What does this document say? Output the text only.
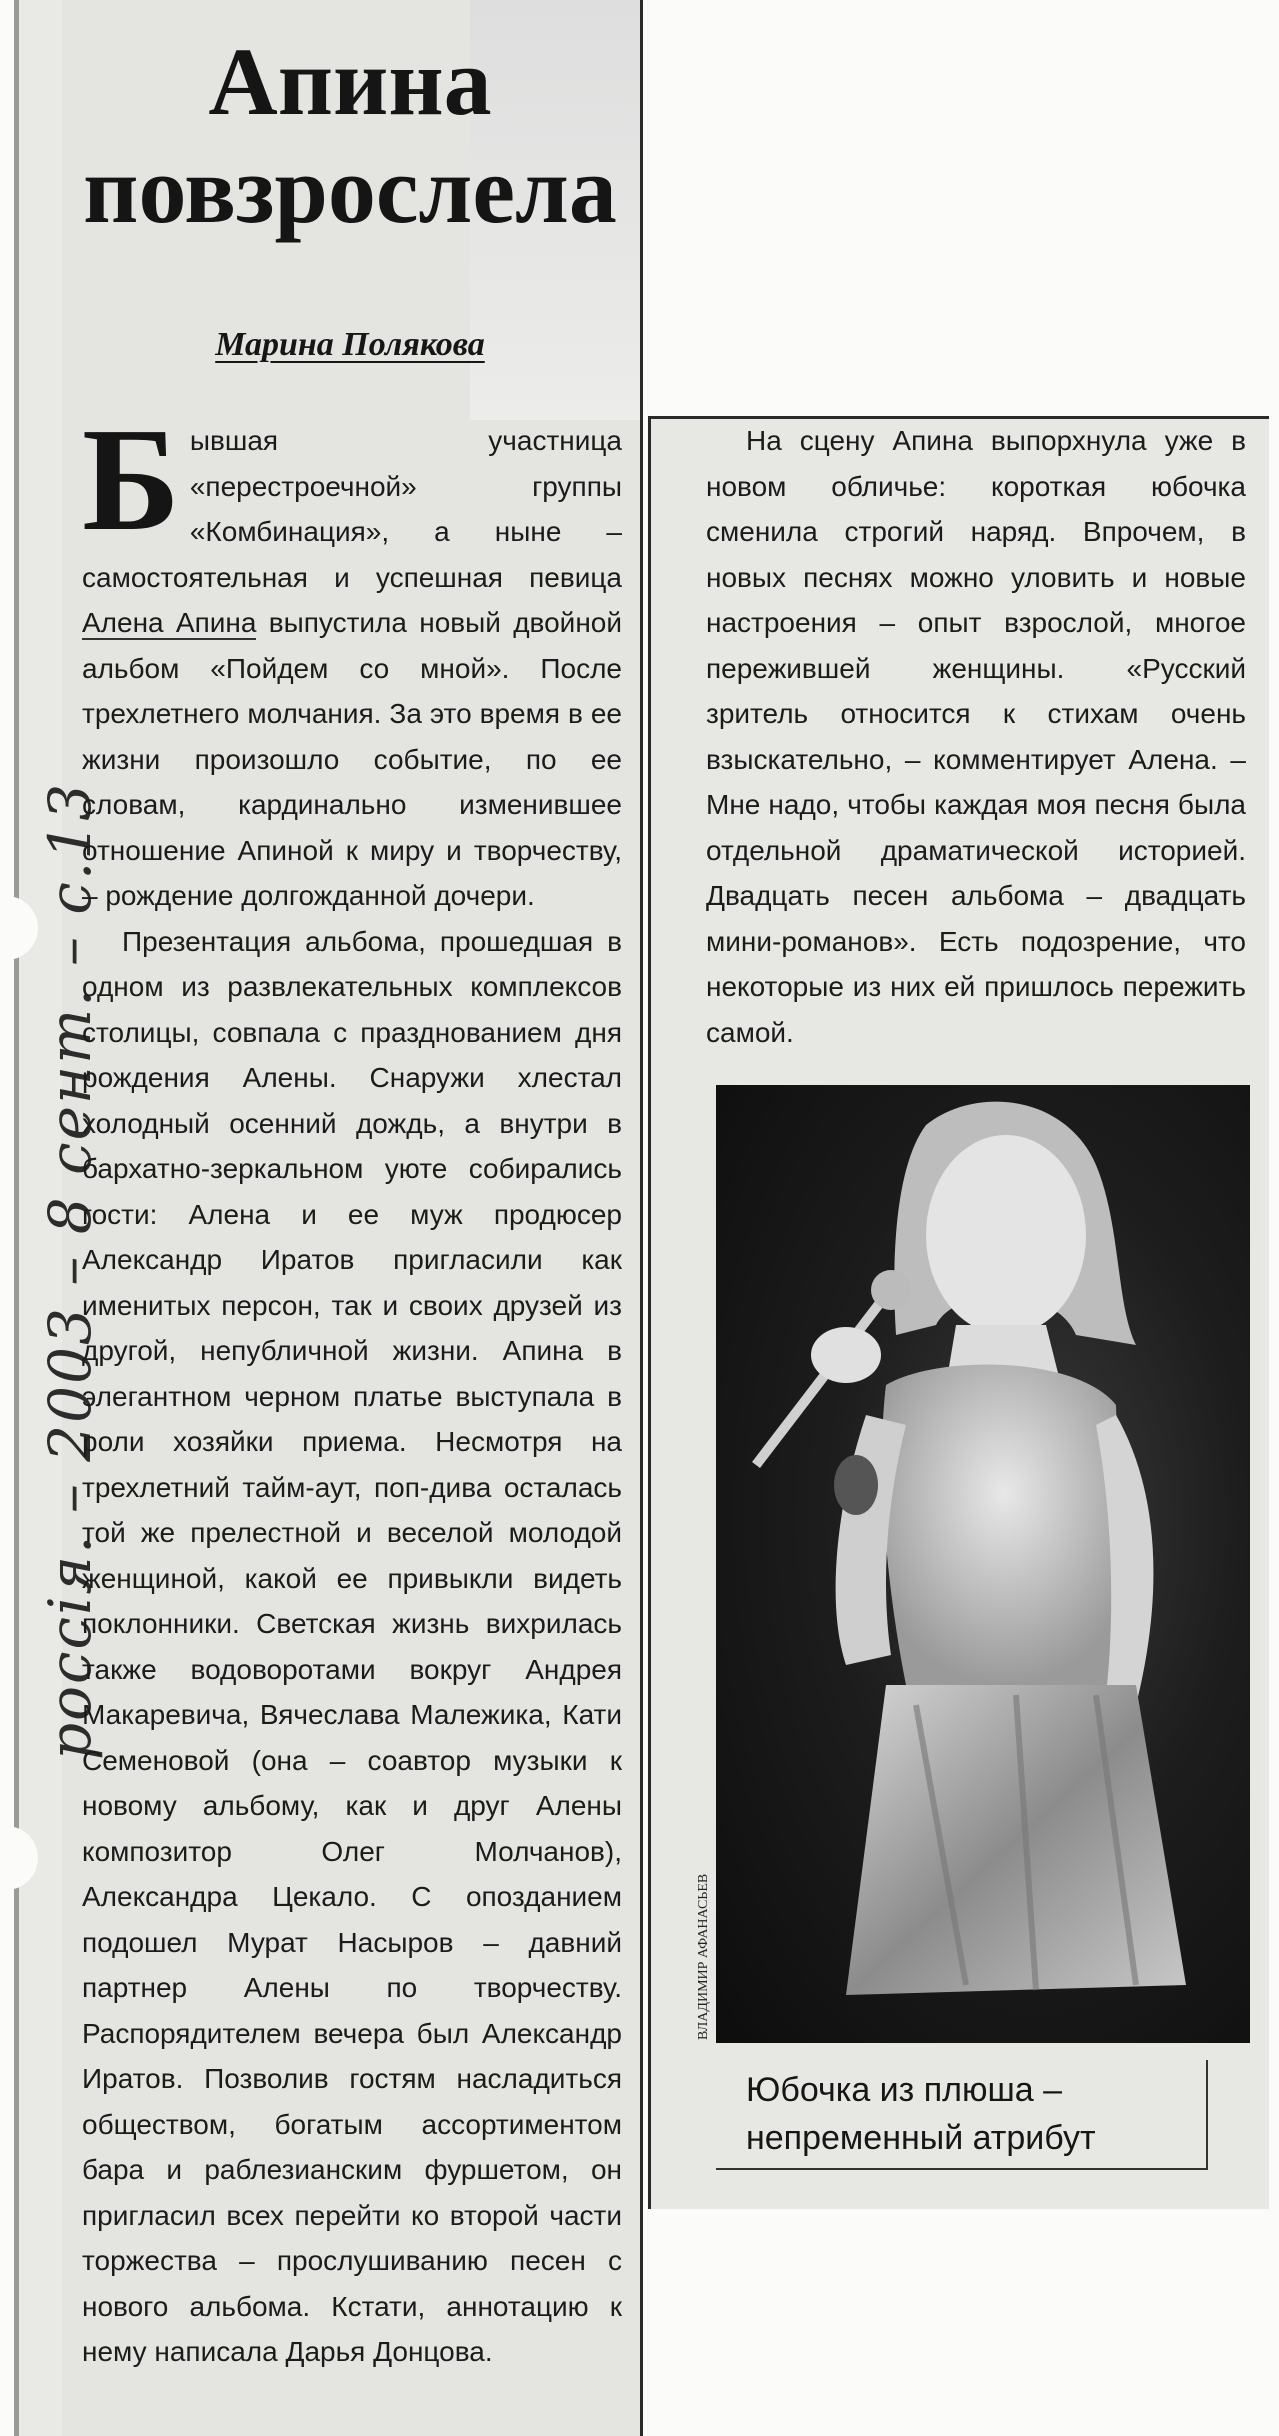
россія. – 2003 – 8 сент. – с.13
Апина
повзрослела
Марина Полякова

Бывшая участница «перестроечной» группы «Комбинация», а ныне – самостоятельная и успешная певица Алена Апина выпустила новый двойной альбом «Пойдем со мной». После трехлетнего молчания. За это время в ее жизни произошло событие, по ее словам, кардинально изменившее отношение Апиной к миру и творчеству, – рождение долгожданной дочери.

Презентация альбома, прошедшая в одном из развлекательных комплексов столицы, совпала с празднованием дня рождения Алены. Снаружи хлестал холодный осенний дождь, а внутри в бархатно-зеркальном уюте собирались гости: Алена и ее муж продюсер Александр Иратов пригласили как именитых персон, так и своих друзей из другой, непубличной жизни. Апина в элегантном черном платье выступала в роли хозяйки приема. Несмотря на трехлетний тайм-аут, поп-дива осталась той же прелестной и веселой молодой женщиной, какой ее привыкли видеть поклонники. Светская жизнь вихрилась также водоворотами вокруг Андрея Макаревича, Вячеслава Малежика, Кати Семеновой (она – соавтор музыки к новому альбому, как и друг Алены композитор Олег Молчанов), Александра Цекало. С опозданием подошел Мурат Насыров – давний партнер Алены по творчеству. Распорядителем вечера был Александр Иратов. Позволив гостям насладиться обществом, богатым ассортиментом бара и раблезианским фуршетом, он пригласил всех перейти ко второй части торжества – прослушиванию песен с нового альбома. Кстати, аннотацию к нему написала Дарья Донцова.

На сцену Апина выпорхнула уже в новом обличье: короткая юбочка сменила строгий наряд. Впрочем, в новых песнях можно уловить и новые настроения – опыт взрослой, многое пережившей женщины. «Русский зритель относится к стихам очень взыскательно, – комментирует Алена. – Мне надо, чтобы каждая моя песня была отдельной драматической историей. Двадцать песен альбома – двадцать мини-романов». Есть подозрение, что некоторые из них ей пришлось пережить самой.

ВЛАДИМИР АФАНАСЬЕВ
Юбочка из плюша – непременный атрибут
